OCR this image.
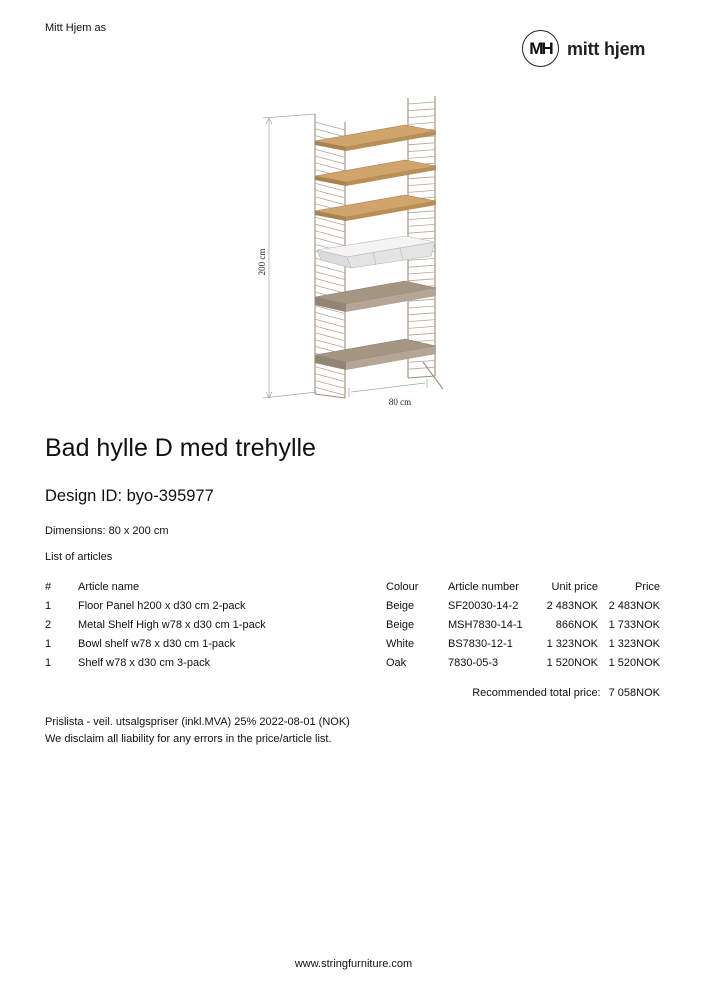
Mitt Hjem as
MH mitt hjem
200 cm
80 cm
Bad hylle D med trehylle
Design ID: byo-395977
Dimensions: 80 x 200 cm
List of articles
#	Article name	Colour	Article number	Unit price	Price
1	Floor Panel h200 x d30 cm 2-pack	Beige	SF20030-14-2	2 483NOK	2 483NOK
2	Metal Shelf High w78 x d30 cm 1-pack	Beige	MSH7830-14-1	866NOK	1 733NOK
1	Bowl shelf w78 x d30 cm 1-pack	White	BS7830-12-1	1 323NOK	1 323NOK
1	Shelf w78 x d30 cm 3-pack	Oak	7830-05-3	1 520NOK	1 520NOK
Recommended total price: 7 058NOK
Prislista - veil. utsalgspriser (inkl.MVA) 25% 2022-08-01 (NOK)
We disclaim all liability for any errors in the price/article list.
www.stringfurniture.com
